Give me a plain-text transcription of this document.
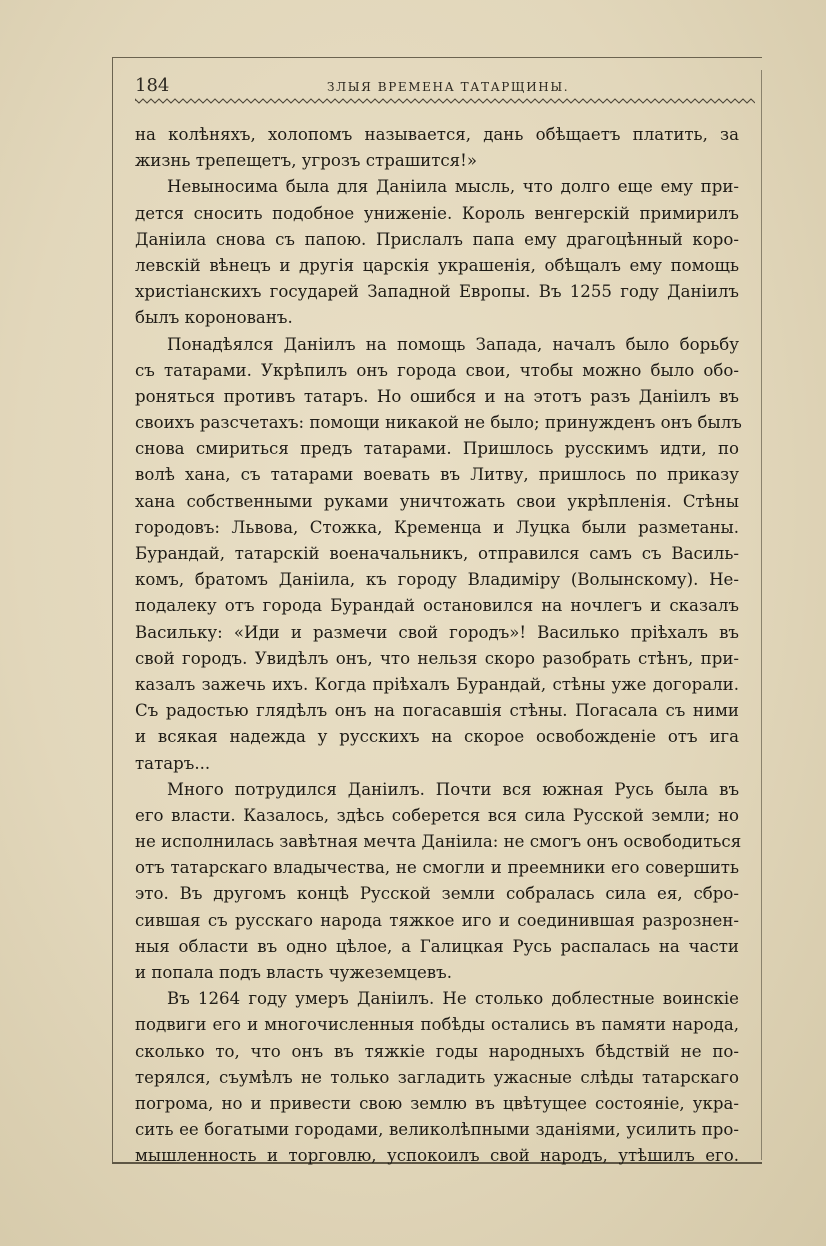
184	ЗЛЫЯ ВРЕМЕНА ТАТАРЩИНЫ.
на колѣняхъ, холопомъ называется, дань обѣщаетъ платить, за
жизнь трепещетъ, угрозъ страшится!»
Невыносима была для Даніила мысль, что долго еще ему при-
дется сносить подобное униженіе. Король венгерскій примирилъ
Даніила снова съ папою. Прислалъ папа ему драгоцѣнный коро-
левскій вѣнецъ и другія царскія украшенія, обѣщалъ ему помощь
христіанскихъ государей Западной Европы. Въ 1255 году Даніилъ
былъ коронованъ.
Понадѣялся Даніилъ на помощь Запада, началъ было борьбу
съ татарами. Укрѣпилъ онъ города свои, чтобы можно было обо-
роняться противъ татаръ. Но ошибся и на этотъ разъ Даніилъ въ
своихъ разсчетахъ: помощи никакой не было; принужденъ онъ былъ
снова смириться предъ татарами. Пришлось русскимъ идти, по
волѣ хана, съ татарами воевать въ Литву, пришлось по приказу
хана собственными руками уничтожать свои укрѣпленія. Стѣны
городовъ: Львова, Стожка, Кременца и Луцка были разметаны.
Бурандай, татарскій военачальникъ, отправился самъ съ Василь-
комъ, братомъ Даніила, къ городу Владиміру (Волынскому). Не-
подалеку отъ города Бурандай остановился на ночлегъ и сказалъ
Васильку: «Иди и размечи свой городъ»! Василько пріѣхалъ въ
свой городъ. Увидѣлъ онъ, что нельзя скоро разобрать стѣнъ, при-
казалъ зажечь ихъ. Когда пріѣхалъ Бурандай, стѣны уже догорали.
Съ радостью глядѣлъ онъ на погасавшія стѣны. Погасала съ ними
и всякая надежда у русскихъ на скорое освобожденіе отъ ига
татаръ...
Много потрудился Даніилъ. Почти вся южная Русь была въ
его власти. Казалось, здѣсь соберется вся сила Русской земли; но
не исполнилась завѣтная мечта Даніила: не смогъ онъ освободиться
отъ татарскаго владычества, не смогли и преемники его совершить
это. Въ другомъ концѣ Русской земли собралась сила ея, сбро-
сившая съ русскаго народа тяжкое иго и соединившая разрознен-
ныя области въ одно цѣлое, а Галицкая Русь распалась на части
и попала подъ власть чужеземцевъ.
Въ 1264 году умеръ Даніилъ. Не столько доблестные воинскіе
подвиги его и многочисленныя побѣды остались въ памяти народа,
сколько то, что онъ въ тяжкіе годы народныхъ бѣдствій не по-
терялся, съумѣлъ не только загладить ужасные слѣды татарскаго
погрома, но и привести свою землю въ цвѣтущее состояніе, укра-
сить ее богатыми городами, великолѣпными зданіями, усилить про-
мышленность и торговлю, успокоилъ свой народъ, утѣшилъ его.
